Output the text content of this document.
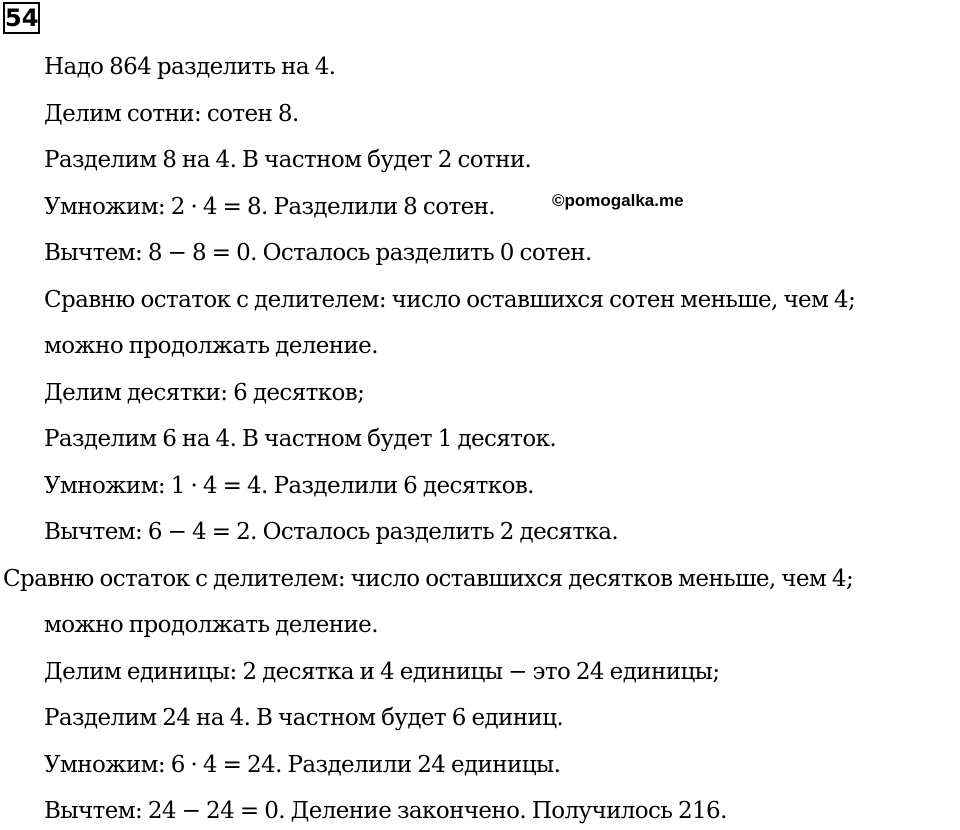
54
Надо 864 разделить на 4.
Делим сотни: сотен 8.
Разделим 8 на 4. В частном будет 2 сотни.
Умножим: 2 · 4 = 8. Разделили 8 сотен.
Вычтем: 8 − 8 = 0. Осталось разделить 0 сотен.
Сравню остаток с делителем: число оставшихся сотен меньше, чем 4;
можно продолжать деление.
Делим десятки: 6 десятков;
Разделим 6 на 4. В частном будет 1 десяток.
Умножим: 1 · 4 = 4. Разделили 6 десятков.
Вычтем: 6 − 4 = 2. Осталось разделить 2 десятка.
Сравню остаток с делителем: число оставшихся десятков меньше, чем 4;
можно продолжать деление.
Делим единицы: 2 десятка и 4 единицы − это 24 единицы;
Разделим 24 на 4. В частном будет 6 единиц.
Умножим: 6 · 4 = 24. Разделили 24 единицы.
Вычтем: 24 − 24 = 0. Деление закончено. Получилось 216.
©pomogalka.me
